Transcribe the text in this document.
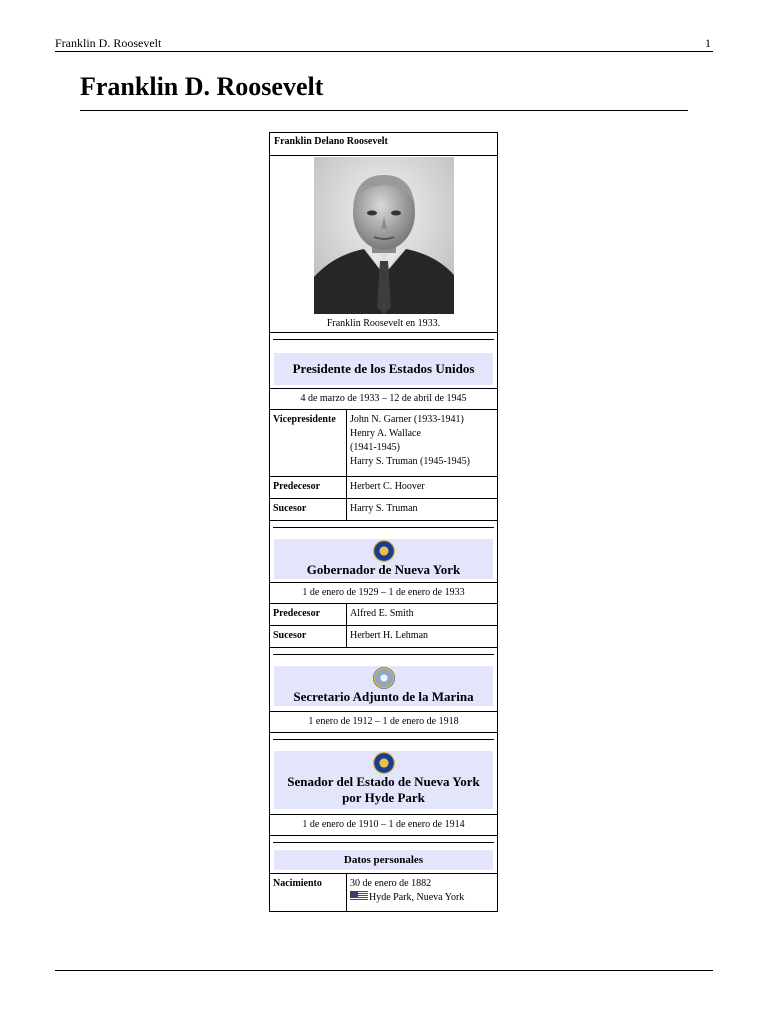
Franklin D. Roosevelt	1
Franklin D. Roosevelt
Franklin Delano Roosevelt
Franklin Roosevelt en 1933.
Presidente de los Estados Unidos
4 de marzo de 1933 – 12 de abril de 1945
Vicepresidente	John N. Garner (1933-1941)
Henry A. Wallace
(1941-1945)
Harry S. Truman (1945-1945)
Predecesor	Herbert C. Hoover
Sucesor	Harry S. Truman
Gobernador de Nueva York
1 de enero de 1929 – 1 de enero de 1933
Predecesor	Alfred E. Smith
Sucesor	Herbert H. Lehman
Secretario Adjunto de la Marina
1 enero de 1912 – 1 de enero de 1918
Senador del Estado de Nueva York
por Hyde Park
1 de enero de 1910 – 1 de enero de 1914
Datos personales
Nacimiento	30 de enero de 1882
Hyde Park, Nueva York
